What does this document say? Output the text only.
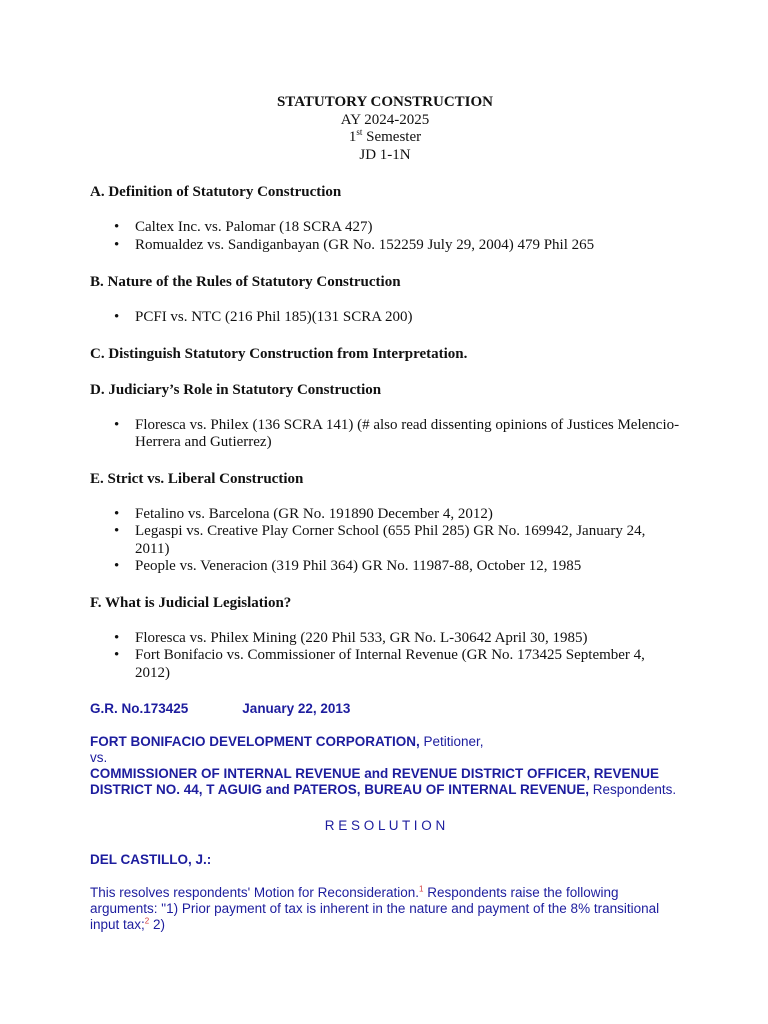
STATUTORY CONSTRUCTION
AY 2024-2025
1st Semester
JD 1-1N

A. Definition of Statutory Construction

• Caltex Inc. vs. Palomar (18 SCRA 427)
• Romualdez vs. Sandiganbayan (GR No. 152259 July 29, 2004) 479 Phil 265

B. Nature of the Rules of Statutory Construction

• PCFI vs. NTC (216 Phil 185)(131 SCRA 200)

C. Distinguish Statutory Construction from Interpretation.

D. Judiciary’s Role in Statutory Construction

• Floresca vs. Philex (136 SCRA 141) (# also read dissenting opinions of Justices Melencio-Herrera and Gutierrez)

E. Strict vs. Liberal Construction

• Fetalino vs. Barcelona (GR No. 191890 December 4, 2012)
• Legaspi vs. Creative Play Corner School (655 Phil 285) GR No. 169942, January 24, 2011)
• People vs. Veneracion (319 Phil 364) GR No. 11987-88, October 12, 1985

F. What is Judicial Legislation?

• Floresca vs. Philex Mining (220 Phil 533, GR No. L-30642 April 30, 1985)
• Fort Bonifacio vs. Commissioner of Internal Revenue (GR No. 173425 September 4, 2012)
G.R. No.173425	January 22, 2013
FORT BONIFACIO DEVELOPMENT CORPORATION, Petitioner,
vs.
COMMISSIONER OF INTERNAL REVENUE and REVENUE DISTRICT OFFICER, REVENUE DISTRICT NO. 44, T AGUIG and PATEROS, BUREAU OF INTERNAL REVENUE, Respondents.
R E S O L U T I O N
DEL CASTILLO, J.:
This resolves respondents' Motion for Reconsideration.$^1$ Respondents raise the following arguments: "1) Prior payment of tax is inherent in the nature and payment of the 8% transitional input tax;$^2$ 2)
